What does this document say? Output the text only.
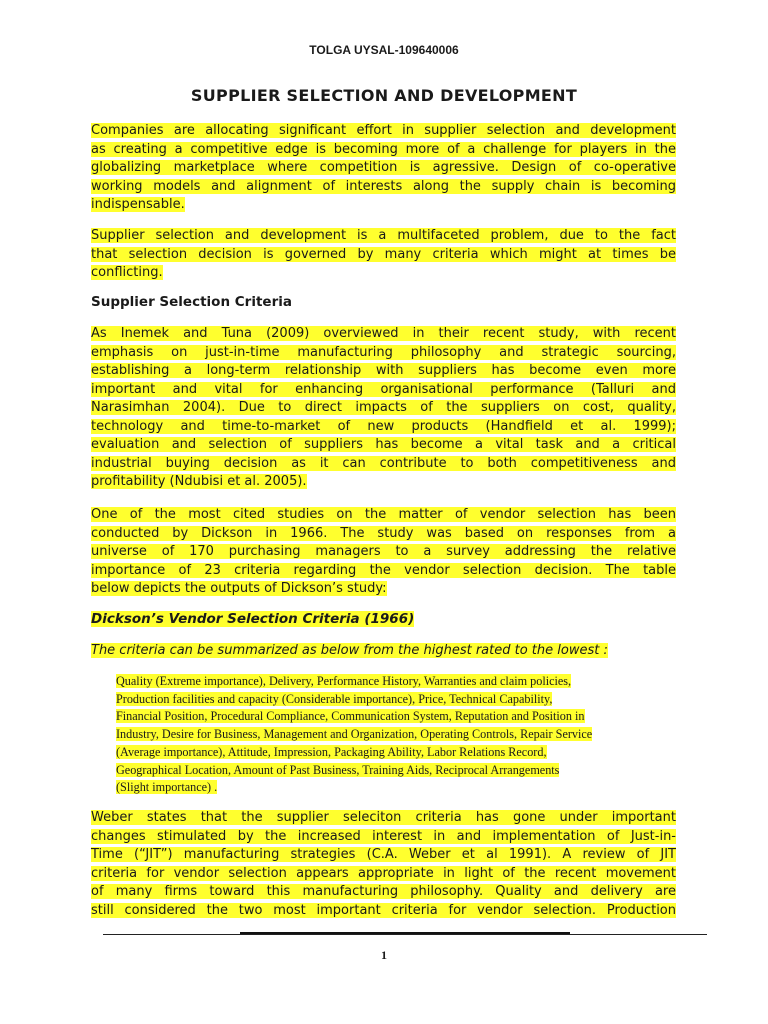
TOLGA UYSAL-109640006
SUPPLIER SELECTION AND DEVELOPMENT
Companies are allocating significant effort in supplier selection and development
as creating a competitive edge is becoming more of a challenge for players in the
globalizing marketplace where competition is agressive. Design of co-operative
working models and alignment of interests along the supply chain is becoming
indispensable.
Supplier selection and development is a multifaceted problem, due to the fact
that selection decision is governed by many criteria which might at times be
conflicting.
Supplier Selection Criteria
As Inemek and Tuna (2009) overviewed in their recent study, with recent
emphasis on just-in-time manufacturing philosophy and strategic sourcing,
establishing a long-term relationship with suppliers has become even more
important and vital for enhancing organisational performance (Talluri and
Narasimhan 2004). Due to direct impacts of the suppliers on cost, quality,
technology and time-to-market of new products (Handfield et al. 1999);
evaluation and selection of suppliers has become a vital task and a critical
industrial buying decision as it can contribute to both competitiveness and
profitability (Ndubisi et al. 2005).
One of the most cited studies on the matter of vendor selection has been
conducted by Dickson in 1966. The study was based on responses from a
universe of 170 purchasing managers to a survey addressing the relative
importance of 23 criteria regarding the vendor selection decision. The table
below depicts the outputs of Dickson’s study:
Dickson’s Vendor Selection Criteria (1966)
The criteria can be summarized as below from the highest rated to the lowest :
Quality (Extreme importance), Delivery, Performance History, Warranties and claim policies,
Production facilities and capacity (Considerable importance), Price, Technical Capability,
Financial Position, Procedural Compliance, Communication System, Reputation and Position in
Industry, Desire for Business, Management and Organization, Operating Controls, Repair Service
(Average importance), Attitude, Impression, Packaging Ability, Labor Relations Record,
Geographical Location, Amount of Past Business, Training Aids, Reciprocal Arrangements
(Slight importance) .
Weber states that the supplier seleciton criteria has gone under important
changes stimulated by the increased interest in and implementation of Just-in-
Time (“JIT”) manufacturing strategies (C.A. Weber et al 1991). A review of JIT
criteria for vendor selection appears appropriate in light of the recent movement
of many firms toward this manufacturing philosophy. Quality and delivery are
still considered the two most important criteria for vendor selection. Production
1
